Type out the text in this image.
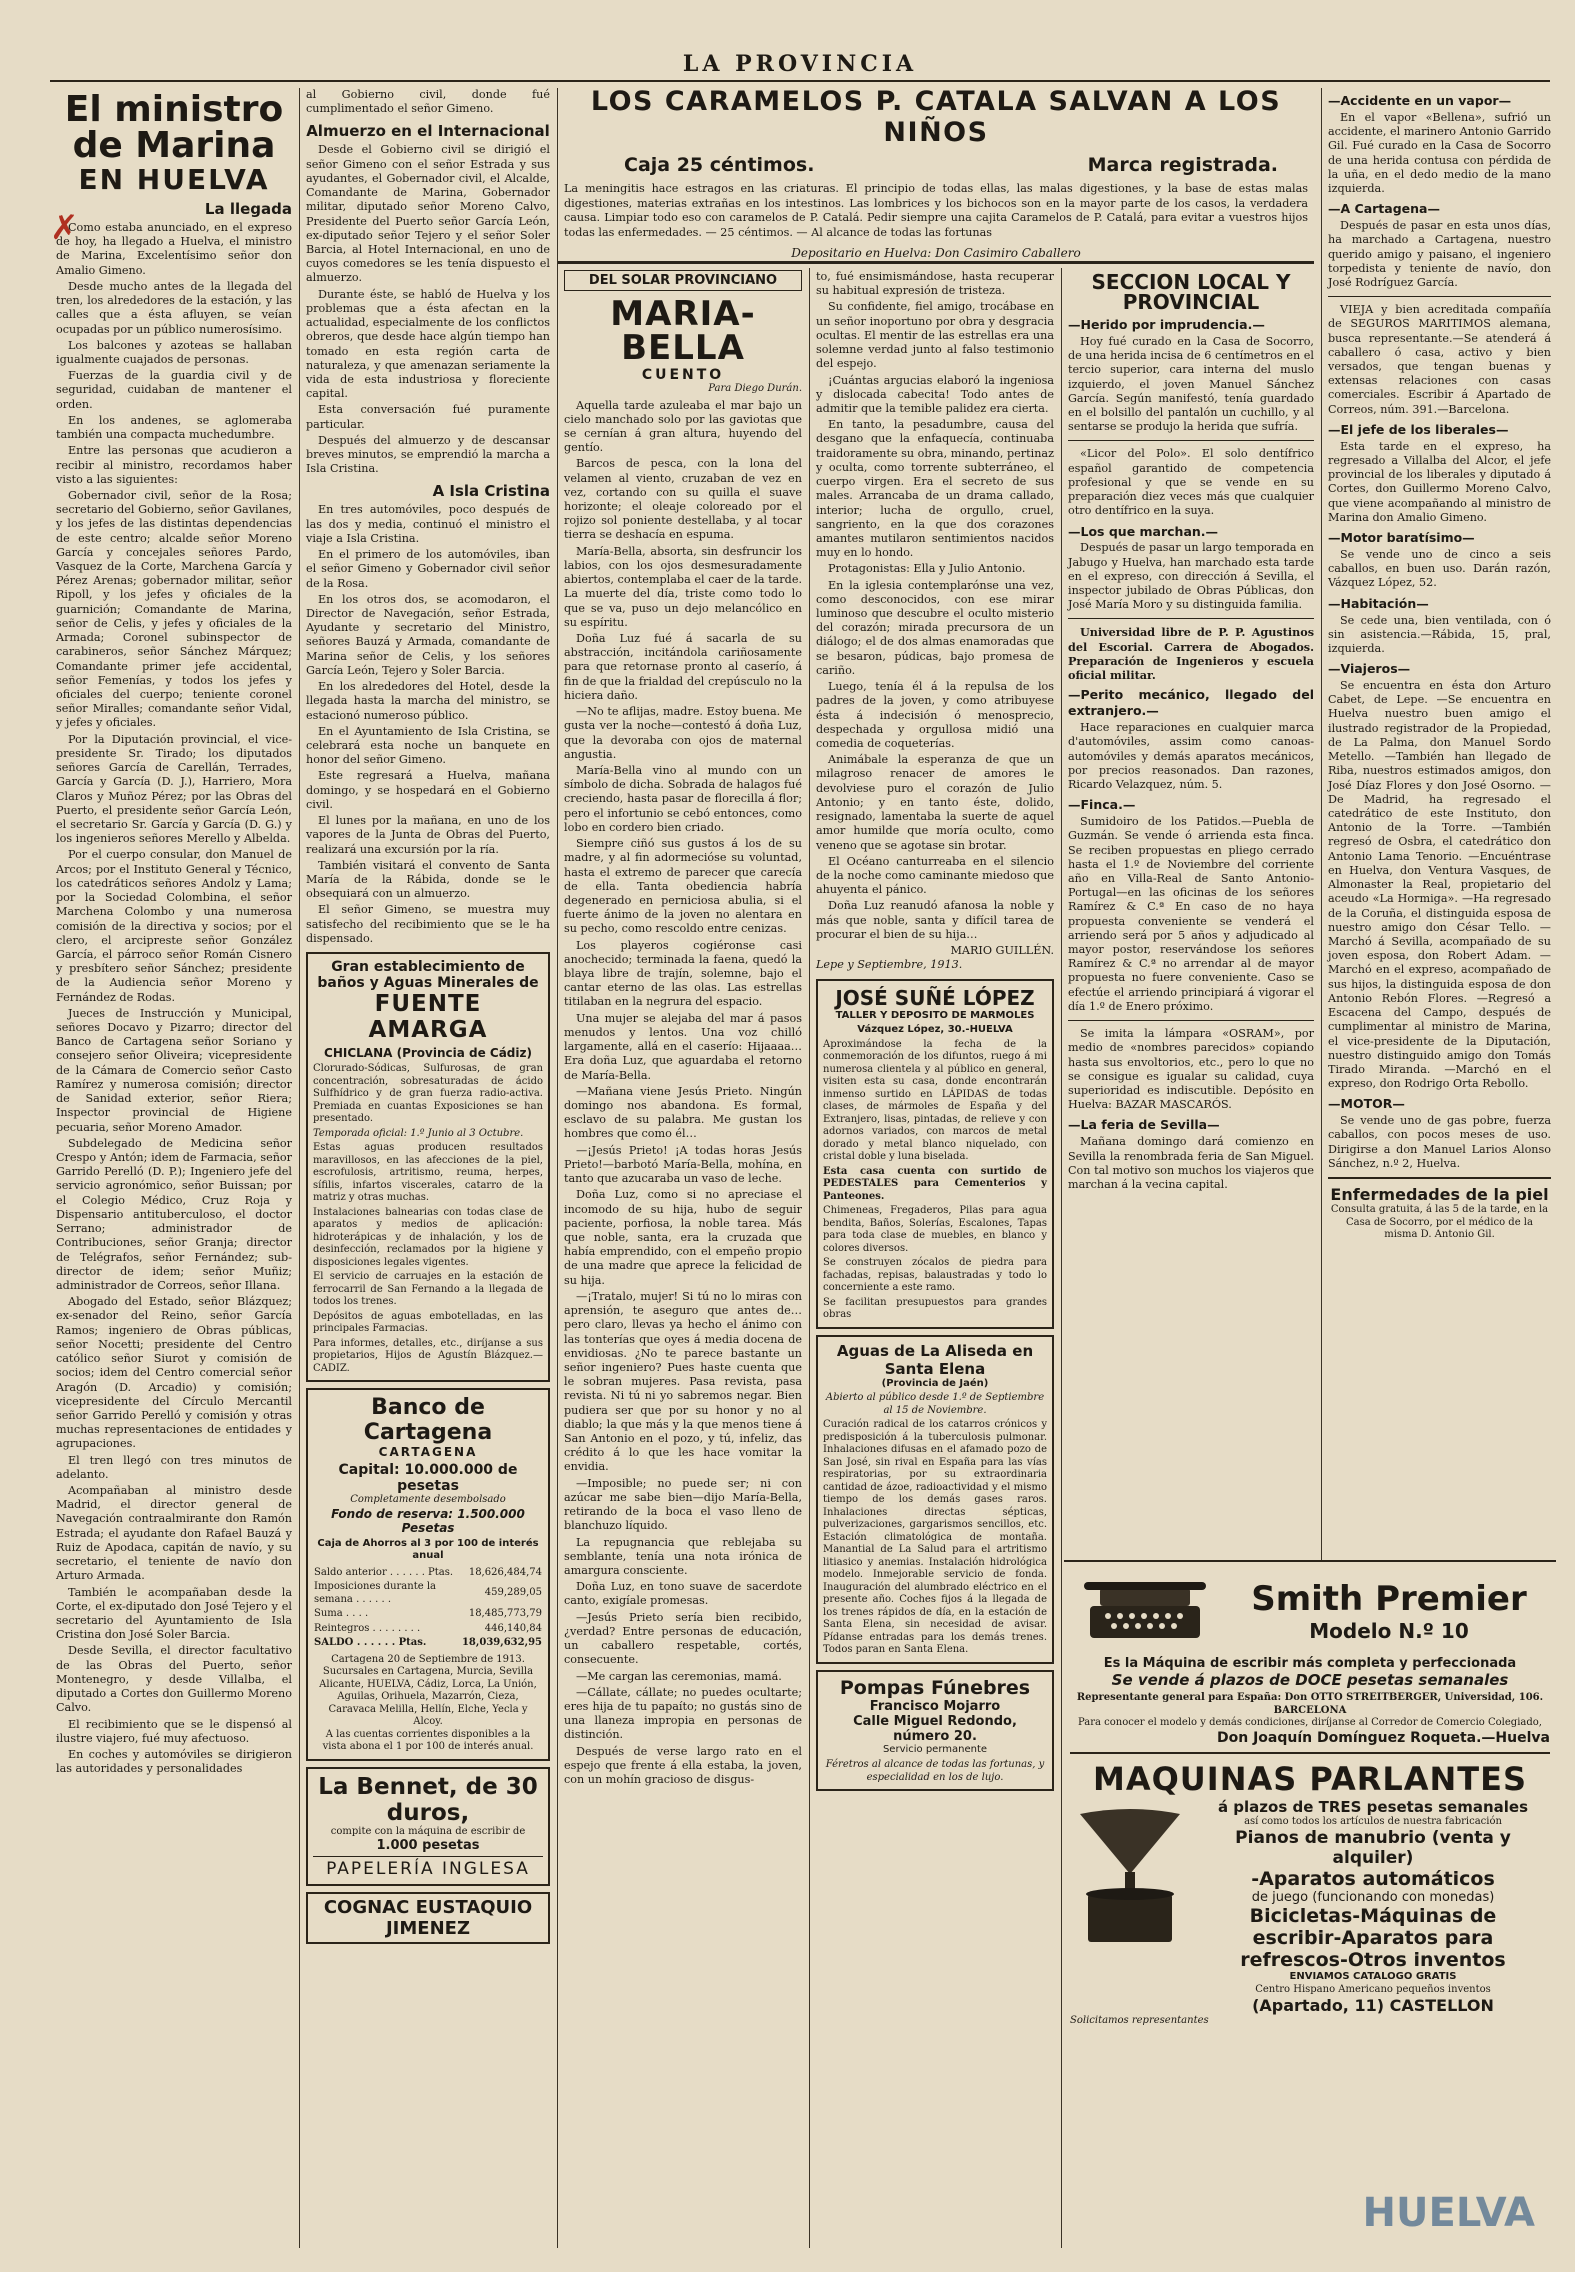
LA PROVINCIA
El ministro de Marina
✗
EN HUELVA
La llegada

Como estaba anunciado, en el expreso de hoy, ha llegado a Huelva, el ministro de Marina, Excelentísimo señor don Amalio Gimeno.

Desde mucho antes de la llegada del tren, los alrededores de la estación, y las calles que a ésta afluyen, se veían ocupadas por un público numerosísimo.

Los balcones y azoteas se hallaban igualmente cuajados de personas.

Fuerzas de la guardia civil y de seguridad, cuidaban de mantener el orden.

En los andenes, se aglomeraba también una compacta muchedumbre.

Entre las personas que acudieron a recibir al ministro, recordamos haber visto a las siguientes:

Gobernador civil, señor de la Rosa; secretario del Gobierno, señor Gavilanes, y los jefes de las distintas dependencias de este centro; alcalde señor Moreno García y concejales señores Pardo, Vasquez de la Corte, Marchena García y Pérez Arenas; gobernador militar, señor Ripoll, y los jefes y oficiales de la guarnición; Comandante de Marina, señor de Celis, y jefes y oficiales de la Armada; Coronel subinspector de carabineros, señor Sánchez Márquez; Comandante primer jefe accidental, señor Femenías, y todos los jefes y oficiales del cuerpo; teniente coronel señor Miralles; comandante señor Vidal, y jefes y oficiales.

Por la Diputación provincial, el vice-presidente Sr. Tirado; los diputados señores García de Carellán, Terrades, García y García (D. J.), Harriero, Mora Claros y Muñoz Pérez; por las Obras del Puerto, el presidente señor García León, el secretario Sr. García y García (D. G.) y los ingenieros señores Merello y Albelda.

Por el cuerpo consular, don Manuel de Arcos; por el Instituto General y Técnico, los catedráticos señores Andolz y Lama; por la Sociedad Colombina, el señor Marchena Colombo y una numerosa comisión de la directiva y socios; por el clero, el arcipreste señor González García, el párroco señor Román Cisnero y presbítero señor Sánchez; presidente de la Audiencia señor Moreno y Fernández de Rodas.

Jueces de Instrucción y Municipal, señores Docavo y Pizarro; director del Banco de Cartagena señor Soriano y consejero señor Oliveira; vicepresidente de la Cámara de Comercio señor Casto Ramírez y numerosa comisión; director de Sanidad exterior, señor Riera; Inspector provincial de Higiene pecuaria, señor Moreno Amador.

Subdelegado de Medicina señor Crespo y Antón; idem de Farmacia, señor Garrido Perelló (D. P.); Ingeniero jefe del servicio agronómico, señor Buissan; por el Colegio Médico, Cruz Roja y Dispensario antituberculoso, el doctor Serrano; administrador de Contribuciones, señor Granja; director de Telégrafos, señor Fernández; sub-director de idem; señor Muñiz; administrador de Correos, señor Illana.

Abogado del Estado, señor Blázquez; ex-senador del Reino, señor García Ramos; ingeniero de Obras públicas, señor Nocetti; presidente del Centro católico señor Siurot y comisión de socios; idem del Centro comercial señor Aragón (D. Arcadio) y comisión; vicepresidente del Círculo Mercantil señor Garrido Perelló y comisión y otras muchas representaciones de entidades y agrupaciones.

El tren llegó con tres minutos de adelanto.

Acompañaban al ministro desde Madrid, el director general de Navegación contraalmirante don Ramón Estrada; el ayudante don Rafael Bauzá y Ruiz de Apodaca, capitán de navío, y su secretario, el teniente de navío don Arturo Armada.

También le acompañaban desde la Corte, el ex-diputado don José Tejero y el secretario del Ayuntamiento de Isla Cristina don José Soler Barcia.

Desde Sevilla, el director facultativo de las Obras del Puerto, señor Montenegro, y desde Villalba, el diputado a Cortes don Guillermo Moreno Calvo.

El recibimiento que se le dispensó al ilustre viajero, fué muy afectuoso.

En coches y automóviles se dirigieron las autoridades y personalidades

al Gobierno civil, donde fué cumplimentado el señor Gimeno.

Almuerzo en el Internacional

Desde el Gobierno civil se dirigió el señor Gimeno con el señor Estrada y sus ayudantes, el Gobernador civil, el Alcalde, Comandante de Marina, Gobernador militar, diputado señor Moreno Calvo, Presidente del Puerto señor García León, ex-diputado señor Tejero y el señor Soler Barcia, al Hotel Internacional, en uno de cuyos comedores se les tenía dispuesto el almuerzo.

Durante éste, se habló de Huelva y los problemas que a ésta afectan en la actualidad, especialmente de los conflictos obreros, que desde hace algún tiempo han tomado en esta región carta de naturaleza, y que amenazan seriamente la vida de esta industriosa y floreciente capital.

Esta conversación fué puramente particular.

Después del almuerzo y de descansar breves minutos, se emprendió la marcha a Isla Cristina.

A Isla Cristina

En tres automóviles, poco después de las dos y media, continuó el ministro el viaje a Isla Cristina.

En el primero de los automóviles, iban el señor Gimeno y Gobernador civil señor de la Rosa.

En los otros dos, se acomodaron, el Director de Navegación, señor Estrada, Ayudante y secretario del Ministro, señores Bauzá y Armada, comandante de Marina señor de Celis, y los señores García León, Tejero y Soler Barcia.

En los alrededores del Hotel, desde la llegada hasta la marcha del ministro, se estacionó numeroso público.

En el Ayuntamiento de Isla Cristina, se celebrará esta noche un banquete en honor del señor Gimeno.

Este regresará a Huelva, mañana domingo, y se hospedará en el Gobierno civil.

El lunes por la mañana, en uno de los vapores de la Junta de Obras del Puerto, realizará una excursión por la ría.

También visitará el convento de Santa María de la Rábida, donde se le obsequiará con un almuerzo.

El señor Gimeno, se muestra muy satisfecho del recibimiento que se le ha dispensado.

Gran establecimiento de baños y Aguas Minerales de
FUENTE AMARGA
CHICLANA (Provincia de Cádiz)

Clorurado-Sódicas, Sulfurosas, de gran concentración, sobresaturadas de ácido Sulfhídrico y de gran fuerza radio-activa. Premiada en cuantas Exposiciones se han presentado.

Temporada oficial: 1.º Junio al 3 Octubre.

Estas aguas producen resultados maravillosos, en las afecciones de la piel, escrofulosis, artritismo, reuma, herpes, sífilis, infartos viscerales, catarro de la matriz y otras muchas.

Instalaciones balnearias con todas clase de aparatos y medios de aplicación: hidroterápicas y de inhalación, y los de desinfección, reclamados por la higiene y disposiciones legales vigentes.

El servicio de carruajes en la estación de ferrocarril de San Fernando a la llegada de todos los trenes.

Depósitos de aguas embotelladas, en las principales Farmacias.

Para informes, detalles, etc., diríjanse a sus propietarios, Hijos de Agustín Blázquez.—CADIZ.

Banco de Cartagena
CARTAGENA
Capital: 10.000.000 de pesetas
Completamente desembolsado
Fondo de reserva: 1.500.000 Pesetas
Caja de Ahorros al 3 por 100 de interés anual
Saldo anterior . . . . . . Ptas.	18,626,484,74
Imposiciones durante la semana . . . . . .	459,289,05
Suma . . . .	18,485,773,79
Reintegros . . . . . . . .	446,140,84
SALDO . . . . . . Ptas.	18,039,632,95
Cartagena 20 de Septiembre de 1913.
Sucursales en Cartagena, Murcia, Sevilla Alicante, HUELVA, Cádiz, Lorca, La Unión, Aguilas, Orihuela, Mazarrón, Cieza, Caravaca Melilla, Hellín, Elche, Yecla y Alcoy.
A las cuentas corrientes disponibles a la vista abona el 1 por 100 de interés anual.
La Bennet, de 30 duros,
compite con la máquina de escribir de
1.000 pesetas
PAPELERÍA INGLESA
COGNAC EUSTAQUIO JIMENEZ
LOS CARAMELOS P. CATALA SALVAN A LOS NIÑOS
Caja 25 céntimos.	Marca registrada.
La meningitis hace estragos en las criaturas. El principio de todas ellas, las malas digestiones, y la base de estas malas digestiones, materias extrañas en los intestinos. Las lombrices y los bichocos son en la mayor parte de los casos, la verdadera causa. Limpiar todo eso con caramelos de P. Catalá. Pedir siempre una cajita Caramelos de P. Catalá, para evitar a vuestros hijos todas las enfermedades. — 25 céntimos. — Al alcance de todas las fortunas
Depositario en Huelva: Don Casimiro Caballero
DEL SOLAR PROVINCIANO
MARIA-BELLA
CUENTO
Para Diego Durán.

Aquella tarde azuleaba el mar bajo un cielo manchado solo por las gaviotas que se cernían á gran altura, huyendo del gentío.

Barcos de pesca, con la lona del velamen al viento, cruzaban de vez en vez, cortando con su quilla el suave horizonte; el oleaje coloreado por el rojizo sol poniente destellaba, y al tocar tierra se deshacía en espuma.

María-Bella, absorta, sin desfruncir los labios, con los ojos desmesuradamente abiertos, contemplaba el caer de la tarde. La muerte del día, triste como todo lo que se va, puso un dejo melancólico en su espíritu.

Doña Luz fué á sacarla de su abstracción, incitándola cariñosamente para que retornase pronto al caserío, á fin de que la frialdad del crepúsculo no la hiciera daño.

—No te aflijas, madre. Estoy buena. Me gusta ver la noche—contestó á doña Luz, que la devoraba con ojos de maternal angustia.

María-Bella vino al mundo con un símbolo de dicha. Sobrada de halagos fué creciendo, hasta pasar de florecilla á flor; pero el infortunio se cebó entonces, como lobo en cordero bien criado.

Siempre ciñó sus gustos á los de su madre, y al fin adormecióse su voluntad, hasta el extremo de parecer que carecía de ella. Tanta obediencia habría degenerado en perniciosa abulia, si el fuerte ánimo de la joven no alentara en su pecho, como rescoldo entre cenizas.

Los playeros cogiéronse casi anochecido; terminada la faena, quedó la blaya libre de trajín, solemne, bajo el cantar eterno de las olas. Las estrellas titilaban en la negrura del espacio.

Una mujer se alejaba del mar á pasos menudos y lentos. Una voz chilló largamente, allá en el caserío: Hijaaaa… Era doña Luz, que aguardaba el retorno de María-Bella.

—Mañana viene Jesús Prieto. Ningún domingo nos abandona. Es formal, esclavo de su palabra. Me gustan los hombres que como él…

—¡Jesús Prieto! ¡A todas horas Jesús Prieto!—barbotó María-Bella, mohína, en tanto que azucaraba un vaso de leche.

Doña Luz, como si no apreciase el incomodo de su hija, hubo de seguir paciente, porfiosa, la noble tarea. Más que noble, santa, era la cruzada que había emprendido, con el empeño propio de una madre que aprece la felicidad de su hija.

—¡Tratalo, mujer! Si tú no lo miras con aprensión, te aseguro que antes de… pero claro, llevas ya hecho el ánimo con las tonterías que oyes á media docena de envidiosas. ¿No te parece bastante un señor ingeniero? Pues haste cuenta que le sobran mujeres. Pasa revista, pasa revista. Ni tú ni yo sabremos negar. Bien pudiera ser que por su honor y no al diablo; la que más y la que menos tiene á San Antonio en el pozo, y tú, infeliz, das crédito á lo que les hace vomitar la envidia.

—Imposible; no puede ser; ni con azúcar me sabe bien—dijo María-Bella, retirando de la boca el vaso lleno de blanchuzo líquido.

La repugnancia que reblejaba su semblante, tenía una nota irónica de amargura consciente.

Doña Luz, en tono suave de sacerdote canto, exigíale promesas.

—Jesús Prieto sería bien recibido, ¿verdad? Entre personas de educación, un caballero respetable, cortés, consecuente.

—Me cargan las ceremonias, mamá.

—Cállate, cállate; no puedes ocultarte; eres hija de tu papaíto; no gustás sino de una llaneza impropia en personas de distinción.

Después de verse largo rato en el espejo que frente á ella estaba, la joven, con un mohín gracioso de disgus-

to, fué ensimismándose, hasta recuperar su habitual expresión de tristeza.

Su confidente, fiel amigo, trocábase en un señor inoportuno por obra y desgracia ocultas. El mentir de las estrellas era una solemne verdad junto al falso testimonio del espejo.

¡Cuántas argucias elaboró la ingeniosa y dislocada cabecita! Todo antes de admitir que la temible palidez era cierta.

En tanto, la pesadumbre, causa del desgano que la enfaquecía, continuaba traidoramente su obra, minando, pertinaz y oculta, como torrente subterráneo, el cuerpo virgen. Era el secreto de sus males. Arrancaba de un drama callado, interior; lucha de orgullo, cruel, sangriento, en la que dos corazones amantes mutilaron sentimientos nacidos muy en lo hondo.

Protagonistas: Ella y Julio Antonio.

En la iglesia contemplarónse una vez, como desconocidos, con ese mirar luminoso que descubre el oculto misterio del corazón; mirada precursora de un diálogo; el de dos almas enamoradas que se besaron, púdicas, bajo promesa de cariño.

Luego, tenía él á la repulsa de los padres de la joven, y como atribuyese ésta á indecisión ó menosprecio, despechada y orgullosa midió una comedia de coqueterías.

Animábale la esperanza de que un milagroso renacer de amores le devolviese puro el corazón de Julio Antonio; y en tanto éste, dolido, resignado, lamentaba la suerte de aquel amor humilde que moría oculto, como veneno que se agotase sin brotar.

El Océano canturreaba en el silencio de la noche como caminante miedoso que ahuyenta el pánico.

Doña Luz reanudó afanosa la noble y más que noble, santa y difícil tarea de procurar el bien de su hija…

MARIO GUILLÉN.
Lepe y Septiembre, 1913.
JOSÉ SUÑÉ LÓPEZ
TALLER Y DEPOSITO DE MARMOLES
Vázquez López, 30.-HUELVA

Aproximándose la fecha de la conmemoración de los difuntos, ruego á mi numerosa clientela y al público en general, visiten esta su casa, donde encontrarán inmenso surtido en LÁPIDAS de todas clases, de mármoles de España y del Extranjero, lisas, pintadas, de relieve y con adornos variados, con marcos de metal dorado y metal blanco niquelado, con cristal doble y luna biselada.

Esta casa cuenta con surtido de PEDESTALES para Cementerios y Panteones.

Chimeneas, Fregaderos, Pilas para agua bendita, Baños, Solerías, Escalones, Tapas para toda clase de muebles, en blanco y colores diversos.

Se construyen zócalos de piedra para fachadas, repisas, balaustradas y todo lo concerniente a este ramo.

Se facilitan presupuestos para grandes obras

Aguas de La Aliseda en Santa Elena
(Provincia de Jaén)
Abierto al público desde 1.º de Septiembre al 15 de Noviembre.
Curación radical de los catarros crónicos y predisposición á la tuberculosis pulmonar. Inhalaciones difusas en el afamado pozo de San José, sin rival en España para las vías respiratorias, por su extraordinaria cantidad de ázoe, radioactividad y el mismo tiempo de los demás gases raros. Inhalaciones directas sépticas, pulverizaciones, gargarismos sencillos, etc. Estación climatológica de montaña. Manantial de La Salud para el artritismo litiasico y anemias. Instalación hidrológica modelo. Inmejorable servicio de fonda. Inauguración del alumbrado eléctrico en el presente año. Coches fijos á la llegada de los trenes rápidos de día, en la estación de Santa Elena, sin necesidad de avisar. Pídanse entradas para los demás trenes. Todos paran en Santa Elena.
Pompas Fúnebres
Francisco Mojarro
Calle Miguel Redondo, número 20.
Servicio permanente
Féretros al alcance de todas las fortunas, y especialidad en los de lujo.
SECCION LOCAL Y PROVINCIAL
—Herido por imprudencia.—

Hoy fué curado en la Casa de Socorro, de una herida incisa de 6 centímetros en el tercio superior, cara interna del muslo izquierdo, el joven Manuel Sánchez García. Según manifestó, tenía guardado en el bolsillo del pantalón un cuchillo, y al sentarse se produjo la herida que sufría.

«Licor del Polo». El solo dentífrico español garantido de competencia profesional y que se vende en su preparación diez veces más que cualquier otro dentífrico en la suya.

—Los que marchan.—

Después de pasar un largo temporada en Jabugo y Huelva, han marchado esta tarde en el expreso, con dirección á Sevilla, el inspector jubilado de Obras Públicas, don José María Moro y su distinguida familia.

Universidad libre de P. P. Agustinos del Escorial. Carrera de Abogados. Preparación de Ingenieros y escuela oficial militar.

—Perito mecánico, llegado del extranjero.—

Hace reparaciones en cualquier marca d'automóviles, assim como canoas-automóviles y demás aparatos mecánicos, por precios reasonados. Dan razones, Ricardo Velazquez, núm. 5.

—Finca.—

Sumidoiro de los Patidos.—Puebla de Guzmán. Se vende ó arrienda esta finca. Se reciben propuestas en pliego cerrado hasta el 1.º de Noviembre del corriente año en Villa-Real de Santo Antonio-Portugal—en las oficinas de los señores Ramírez & C.ª En caso de no haya propuesta conveniente se venderá el arriendo será por 5 años y adjudicado al mayor postor, reservándose los señores Ramírez & C.ª no arrendar al de mayor propuesta no fuere conveniente. Caso se efectúe el arriendo principiará á vigorar el día 1.º de Enero próximo.

Se imita la lámpara «OSRAM», por medio de «nombres parecidos» copiando hasta sus envoltorios, etc., pero lo que no se consigue es igualar su calidad, cuya superioridad es indiscutible. Depósito en Huelva: BAZAR MASCARÓS.

—La feria de Sevilla—

Mañana domingo dará comienzo en Sevilla la renombrada feria de San Miguel. Con tal motivo son muchos los viajeros que marchan á la vecina capital.

—Accidente en un vapor—

En el vapor «Bellena», sufrió un accidente, el marinero Antonio Garrido Gil. Fué curado en la Casa de Socorro de una herida contusa con pérdida de la uña, en el dedo medio de la mano izquierda.

—A Cartagena—

Después de pasar en esta unos días, ha marchado a Cartagena, nuestro querido amigo y paisano, el ingeniero torpedista y teniente de navío, don José Rodríguez García.

VIEJA y bien acreditada compañía de SEGUROS MARITIMOS alemana, busca representante.—Se atenderá á caballero ó casa, activo y bien versados, que tengan buenas y extensas relaciones con casas comerciales. Escribir á Apartado de Correos, núm. 391.—Barcelona.

—El jefe de los liberales—

Esta tarde en el expreso, ha regresado a Villalba del Alcor, el jefe provincial de los liberales y diputado á Cortes, don Guillermo Moreno Calvo, que viene acompañando al ministro de Marina don Amalio Gimeno.

—Motor baratísimo—

Se vende uno de cinco a seis caballos, en buen uso. Darán razón, Vázquez López, 52.

—Habitación—

Se cede una, bien ventilada, con ó sin asistencia.—Rábida, 15, pral, izquierda.

—Viajeros—

Se encuentra en ésta don Arturo Cabet, de Lepe. —Se encuentra en Huelva nuestro buen amigo el ilustrado registrador de la Propiedad, de La Palma, don Manuel Sordo Metello. —También han llegado de Riba, nuestros estimados amigos, don José Díaz Flores y don José Osorno. —De Madrid, ha regresado el catedrático de este Instituto, don Antonio de la Torre. —También regresó de Osbra, el catedrático don Antonio Lama Tenorio. —Encuéntrase en Huelva, don Ventura Vasques, de Almonaster la Real, propietario del aceudo «La Hormiga». —Ha regresado de la Coruña, el distinguida esposa de nuestro amigo don César Tello. —Marchó á Sevilla, acompañado de su joven esposa, don Robert Adam. —Marchó en el expreso, acompañado de sus hijos, la distinguida esposa de don Antonio Rebón Flores. —Regresó a Escacena del Campo, después de cumplimentar al ministro de Marina, el vice-presidente de la Diputación, nuestro distinguido amigo don Tomás Tirado Miranda. —Marchó en el expreso, don Rodrigo Orta Rebollo.

—MOTOR—

Se vende uno de gas pobre, fuerza caballos, con pocos meses de uso. Dirigirse a don Manuel Larios Alonso Sánchez, n.º 2, Huelva.

Enfermedades de la piel
Consulta gratuita, á las 5 de la tarde, en la Casa de Socorro, por el médico de la misma D. Antonio Gil.
Smith Premier
Modelo N.º 10
Es la Máquina de escribir más completa y perfeccionada
Se vende á plazos de DOCE pesetas semanales
Representante general para España: Don OTTO STREITBERGER, Universidad, 106. BARCELONA
Para conocer el modelo y demás condiciones, diríjanse al Corredor de Comercio Colegiado,
Don Joaquín Domínguez Roqueta.—Huelva
MAQUINAS PARLANTES
á plazos de TRES pesetas semanales
así como todos los artículos de nuestra fabricación
Pianos de manubrio (venta y alquiler)
-Aparatos automáticos
de juego (funcionando con monedas)
Bicicletas-Máquinas de
escribir-Aparatos para
refrescos-Otros inventos
ENVIAMOS CATALOGO GRATIS
Centro Hispano Americano pequeños inventos
(Apartado, 11) CASTELLON
Solicitamos representantes
HUELVA
